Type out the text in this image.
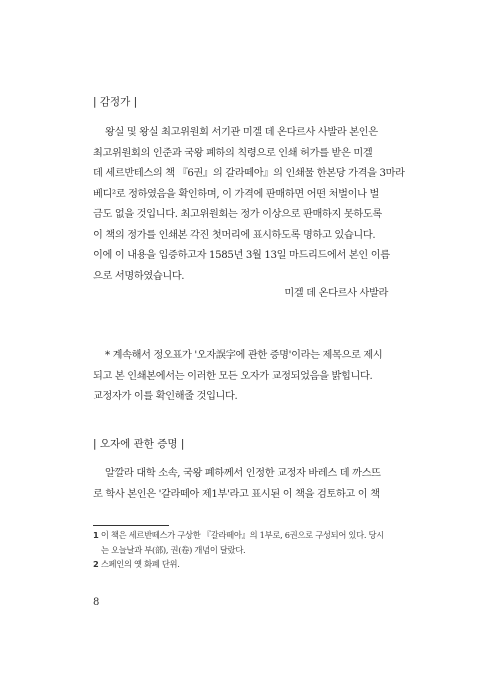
| 감정가 |
왕실 및 왕실 최고위원회 서기관 미겔 데 온다르사 사발라 본인은
최고위원회의 인준과 국왕 폐하의 칙령으로 인쇄 허가를 받은 미겔
데 세르반테스의 책 『6권』의 갈라떼아』의 인쇄물 한본당 가격을 3마라
베디²로 정하였음을 확인하며, 이 가격에 판매하면 어떤 처벌이나 벌
금도 없을 것입니다. 최고위원회는 정가 이상으로 판매하지 못하도록
이 책의 정가를 인쇄본 각진 첫머리에 표시하도록 명하고 있습니다.
이에 이 내용을 입증하고자 1585년 3월 13일 마드리드에서 본인 이름
으로 서명하였습니다.
미겔 데 온다르사 사발라
* 계속해서 정오표가 '오자誤字에 관한 증명'이라는 제목으로 제시
되고 본 인쇄본에서는 이러한 모든 오자가 교정되었음을 밝힙니다.
교정자가 이를 확인해줄 것입니다.
| 오자에 관한 증명 |
알깔라 대학 소속, 국왕 폐하께서 인정한 교정자 바레스 데 까스뜨
로 학사 본인은 '갈라떼아 제1부'라고 표시된 이 책을 검토하고 이 책
1 이 책은 세르반떼스가 구상한 『갈라떼아』의 1부로, 6권으로 구성되어 있다. 당시
는 오늘날과 부(部), 권(卷) 개념이 달랐다.
2 스페인의 옛 화폐 단위.
8
